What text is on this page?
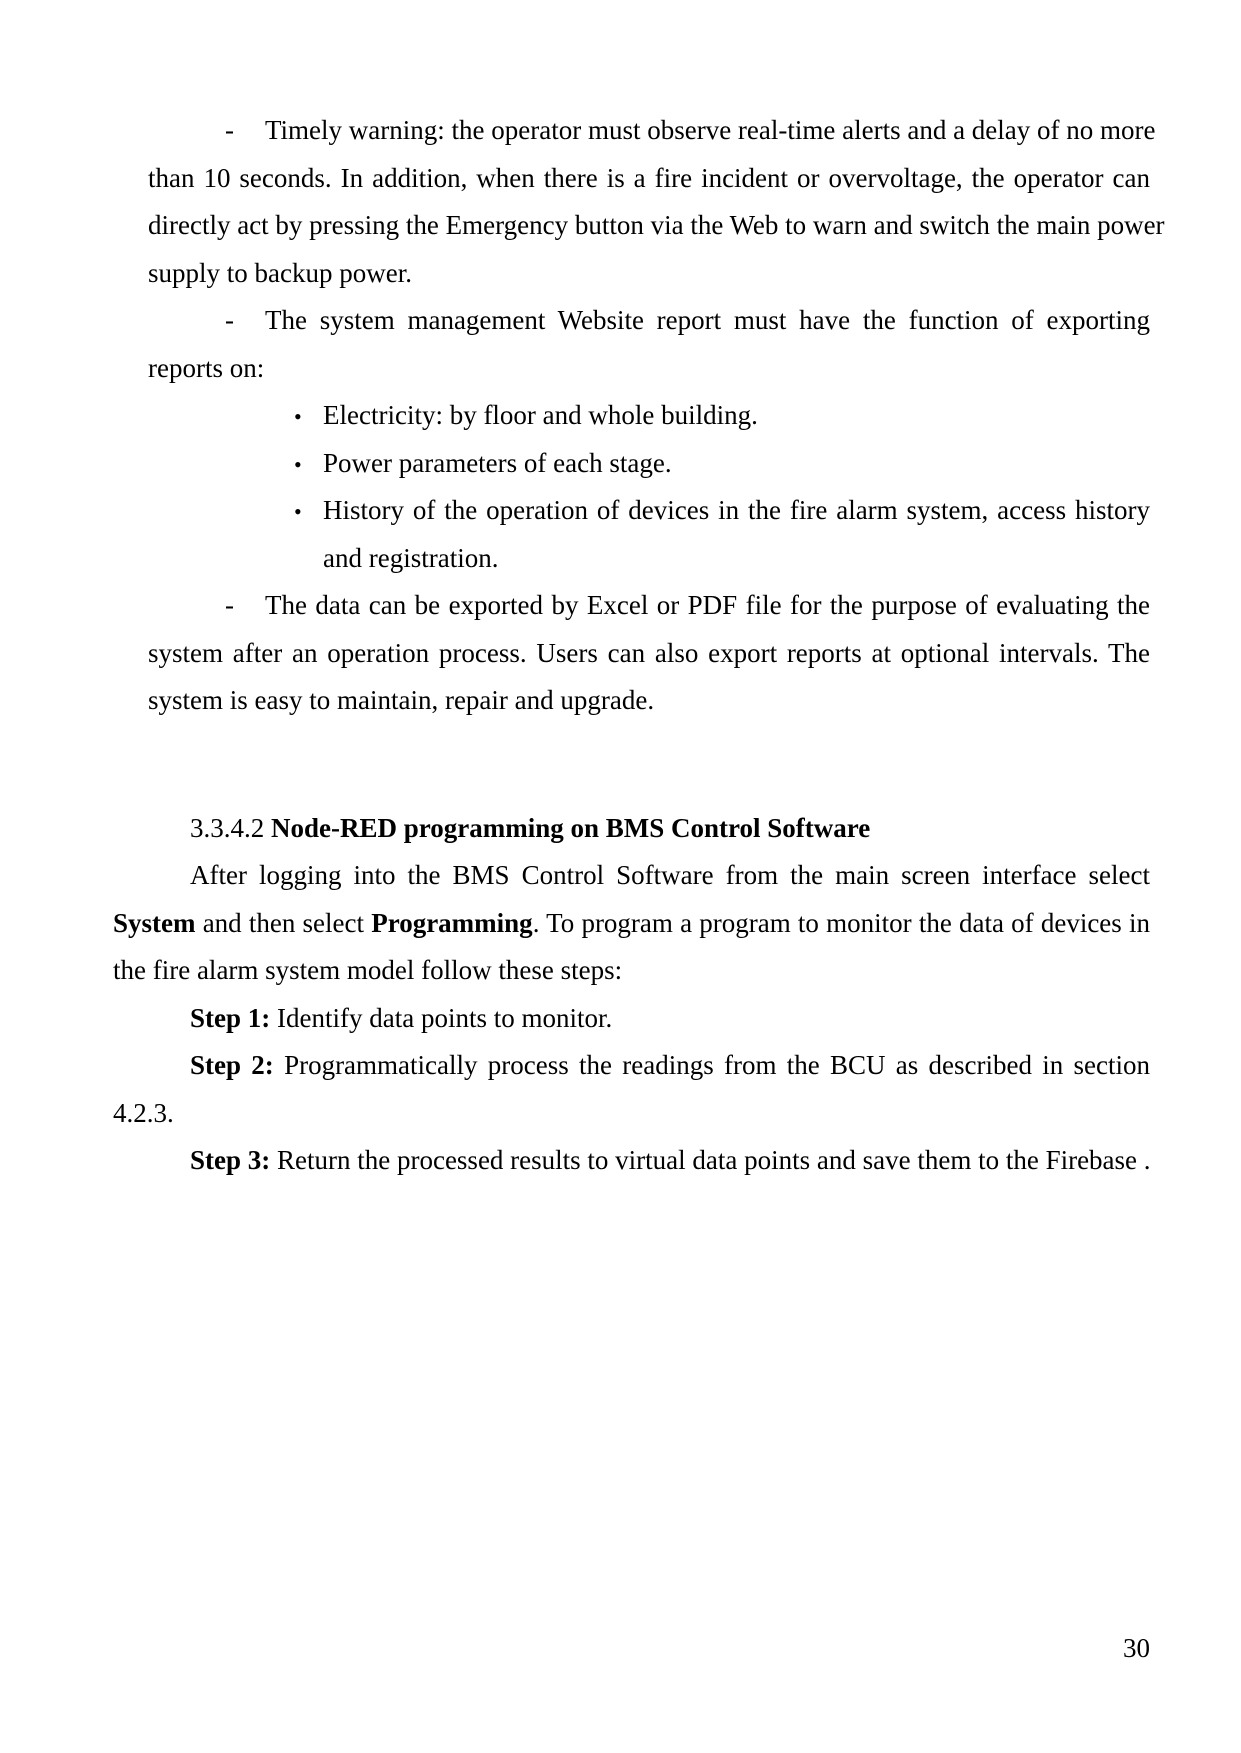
- Timely warning: the operator must observe real-time alerts and a delay of no more
than 10 seconds. In addition, when there is a fire incident or overvoltage, the operator can
directly act by pressing the Emergency button via the Web to warn and switch the main power
supply to backup power.
- The system management Website report must have the function of exporting
reports on:
• Electricity: by floor and whole building.
• Power parameters of each stage.
• History of the operation of devices in the fire alarm system, access history
and registration.
- The data can be exported by Excel or PDF file for the purpose of evaluating the
system after an operation process. Users can also export reports at optional intervals. The
system is easy to maintain, repair and upgrade.
3.3.4.2 Node-RED programming on BMS Control Software
After logging into the BMS Control Software from the main screen interface select
System and then select Programming. To program a program to monitor the data of devices in
the fire alarm system model follow these steps:
Step 1: Identify data points to monitor.
Step 2: Programmatically process the readings from the BCU as described in section
4.2.3.
Step 3: Return the processed results to virtual data points and save them to the Firebase .
30
